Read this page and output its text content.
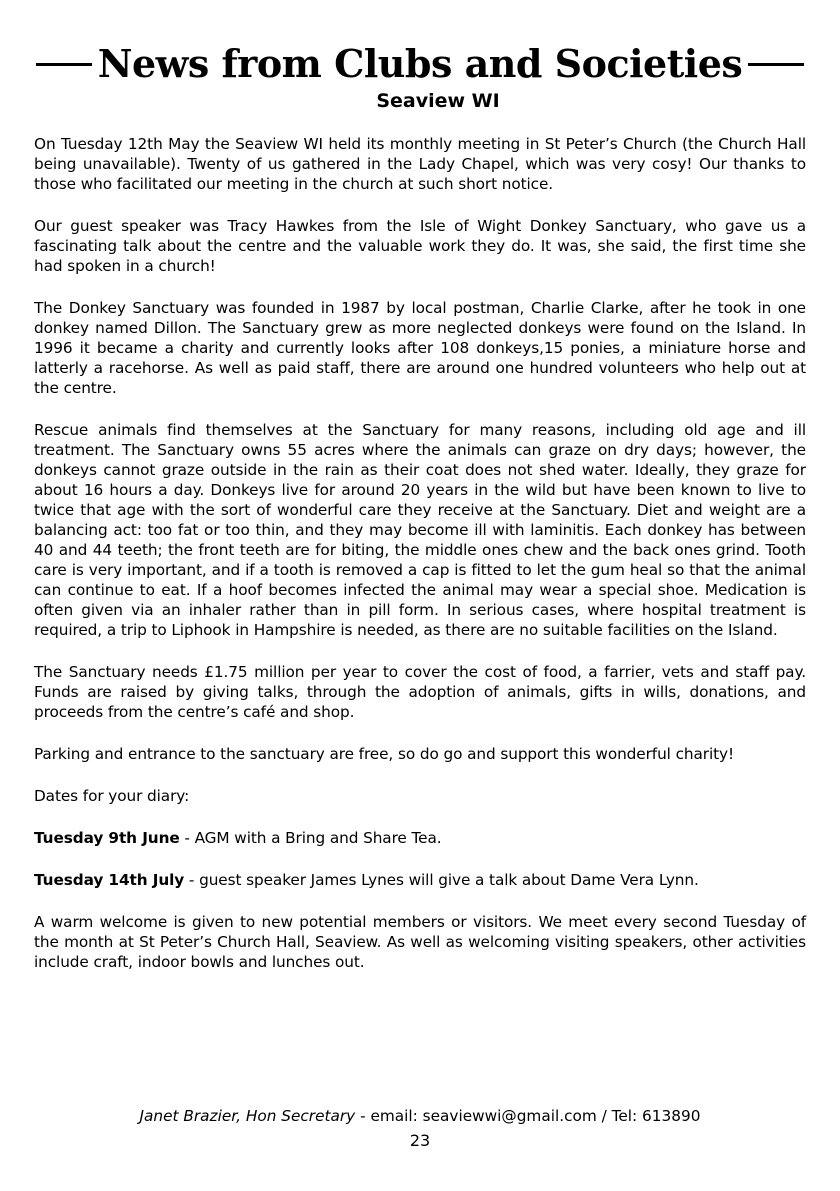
News from Clubs and Societies
Seaview WI

On Tuesday 12th May the Seaview WI held its monthly meeting in St Peter’s Church (the Church Hall being unavailable). Twenty of us gathered in the Lady Chapel, which was very cosy! Our thanks to those who facilitated our meeting in the church at such short notice.

Our guest speaker was Tracy Hawkes from the Isle of Wight Donkey Sanctuary, who gave us a fascinating talk about the centre and the valuable work they do. It was, she said, the first time she had spoken in a church!

The Donkey Sanctuary was founded in 1987 by local postman, Charlie Clarke, after he took in one donkey named Dillon. The Sanctuary grew as more neglected donkeys were found on the Island. In 1996 it became a charity and currently looks after 108 donkeys,15 ponies, a miniature horse and latterly a racehorse. As well as paid staff, there are around one hundred volunteers who help out at the centre.

Rescue animals find themselves at the Sanctuary for many reasons, including old age and ill treatment. The Sanctuary owns 55 acres where the animals can graze on dry days; however, the donkeys cannot graze outside in the rain as their coat does not shed water. Ideally, they graze for about 16 hours a day. Donkeys live for around 20 years in the wild but have been known to live to twice that age with the sort of wonderful care they receive at the Sanctuary. Diet and weight are a balancing act: too fat or too thin, and they may become ill with laminitis. Each donkey has between 40 and 44 teeth; the front teeth are for biting, the middle ones chew and the back ones grind. Tooth care is very important, and if a tooth is removed a cap is fitted to let the gum heal so that the animal can continue to eat. If a hoof becomes infected the animal may wear a special shoe. Medication is often given via an inhaler rather than in pill form. In serious cases, where hospital treatment is required, a trip to Liphook in Hampshire is needed, as there are no suitable facilities on the Island.

The Sanctuary needs £1.75 million per year to cover the cost of food, a farrier, vets and staff pay. Funds are raised by giving talks, through the adoption of animals, gifts in wills, donations, and proceeds from the centre’s café and shop.

Parking and entrance to the sanctuary are free, so do go and support this wonderful charity!

Dates for your diary:

Tuesday 9th June - AGM with a Bring and Share Tea.

Tuesday 14th July - guest speaker James Lynes will give a talk about Dame Vera Lynn.

A warm welcome is given to new potential members or visitors. We meet every second Tuesday of the month at St Peter’s Church Hall, Seaview. As well as welcoming visiting speakers, other activities include craft, indoor bowls and lunches out.

Janet Brazier, Hon Secretary - email: seaviewwi@gmail.com / Tel: 613890
23
